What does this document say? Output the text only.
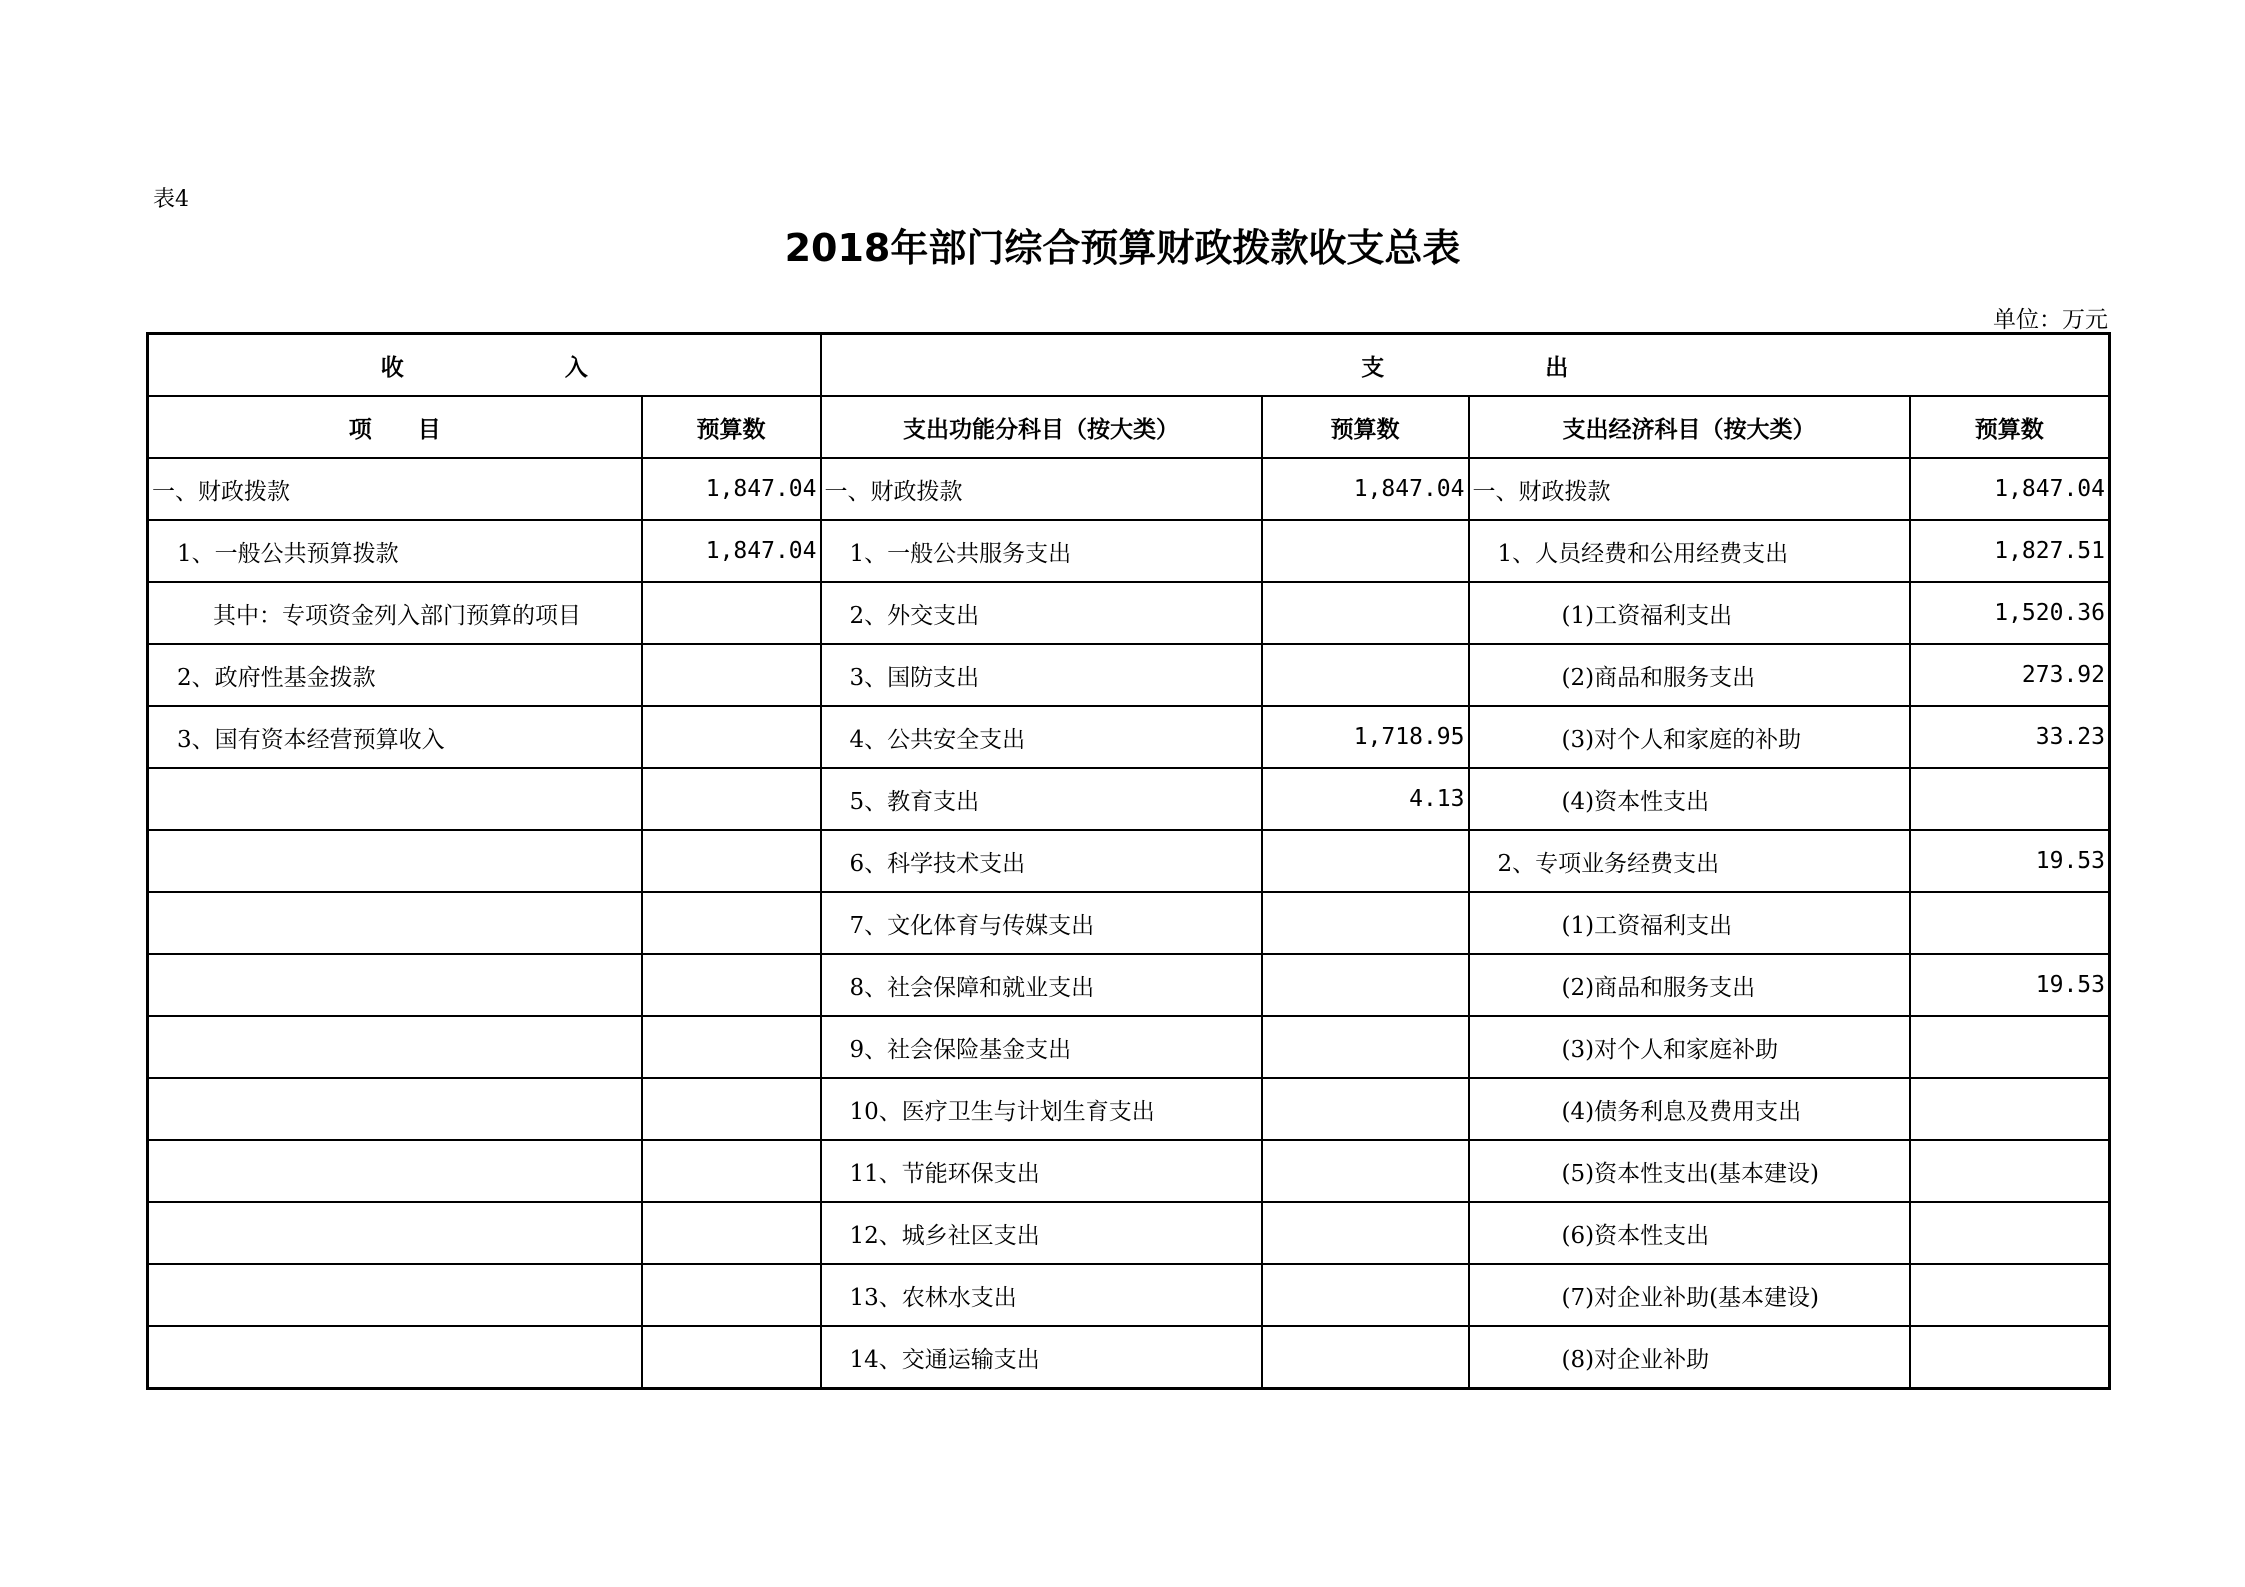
表4
2018年部门综合预算财政拨款收支总表
单位：万元
收　　　　　　　入		支　　　　　　　出			
项　　目	预算数	支出功能分科目（按大类）	预算数	支出经济科目（按大类）	预算数
一、财政拨款	1,847.04	一、财政拨款	1,847.04	一、财政拨款	1,847.04
1、一般公共预算拨款	1,847.04	1、一般公共服务支出		1、人员经费和公用经费支出	1,827.51
其中：专项资金列入部门预算的项目		2、外交支出		(1)工资福利支出	1,520.36
2、政府性基金拨款		3、国防支出		(2)商品和服务支出	273.92
3、国有资本经营预算收入		4、公共安全支出	1,718.95	(3)对个人和家庭的补助	33.23
		5、教育支出	4.13	(4)资本性支出	
		6、科学技术支出		2、专项业务经费支出	19.53
		7、文化体育与传媒支出		(1)工资福利支出	
		8、社会保障和就业支出		(2)商品和服务支出	19.53
		9、社会保险基金支出		(3)对个人和家庭补助	
		10、医疗卫生与计划生育支出		(4)债务利息及费用支出	
		11、节能环保支出		(5)资本性支出(基本建设)	
		12、城乡社区支出		(6)资本性支出	
		13、农林水支出		(7)对企业补助(基本建设)	
		14、交通运输支出		(8)对企业补助	
